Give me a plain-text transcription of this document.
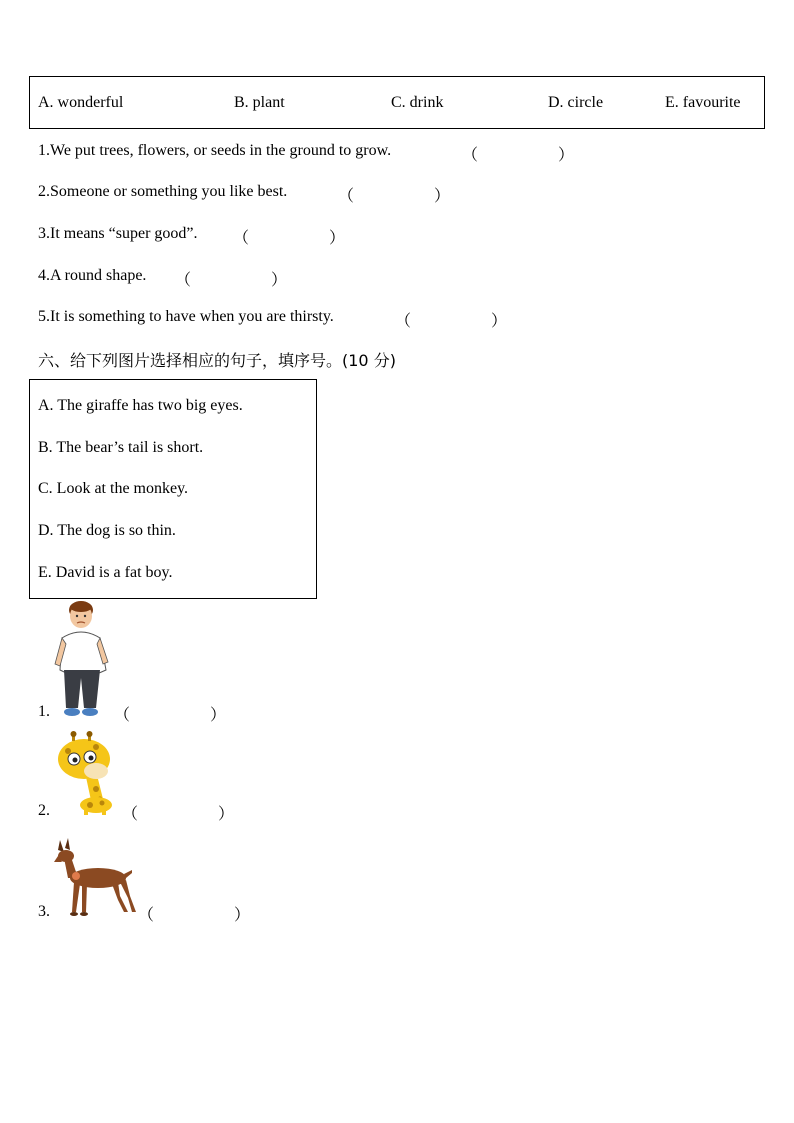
A. wonderful	B. plant	C. drink	D. circle	E. favourite
1.We put trees, flowers, or seeds in the ground to grow.	（　　　　　）
2.Someone or something you like best.	（　　　　　）
3.It means “super good”. （　　　　　）
4.A round shape. （　　　　　）
5.It is something to have when you are thirsty.	（　　　　　）
六、给下列图片选择相应的句子，填序号。(10 分)
A. The giraffe has two big eyes.
B. The bear’s tail is short.
C. Look at the monkey.
D. The dog is so thin.
E. David is a fat boy.
1.	（　　　　　）
2.	（　　　　　）
3.	（　　　　　）
